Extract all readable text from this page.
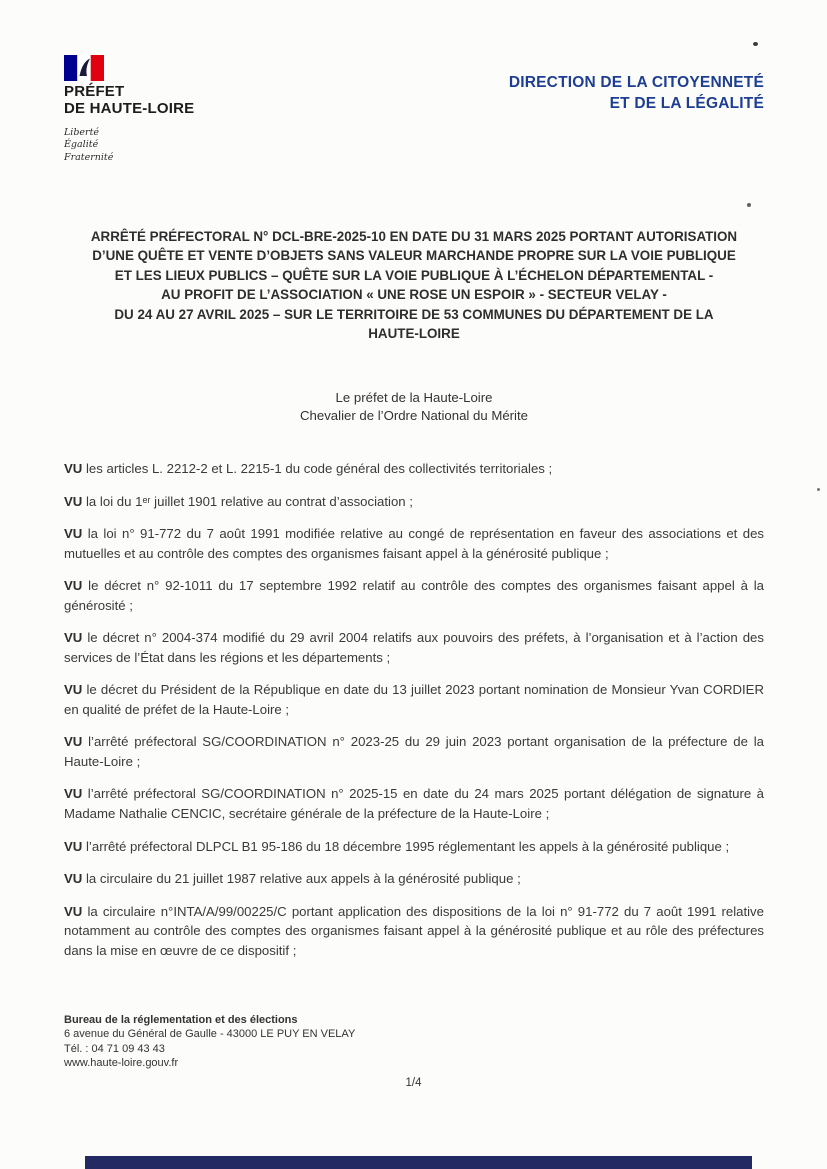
PRÉFET
DE HAUTE-LOIRE
Liberté
Égalité
Fraternité
DIRECTION DE LA CITOYENNETÉ
ET DE LA LÉGALITÉ
ARRÊTÉ PRÉFECTORAL N° DCL-BRE-2025-10 EN DATE DU 31 MARS 2025 PORTANT AUTORISATION
D’UNE QUÊTE ET VENTE D’OBJETS SANS VALEUR MARCHANDE PROPRE SUR LA VOIE PUBLIQUE
ET LES LIEUX PUBLICS – QUÊTE SUR LA VOIE PUBLIQUE À L’ÉCHELON DÉPARTEMENTAL -
AU PROFIT DE L’ASSOCIATION « UNE ROSE UN ESPOIR » - SECTEUR VELAY -
DU 24 AU 27 AVRIL 2025 – SUR LE TERRITOIRE DE 53 COMMUNES DU DÉPARTEMENT DE LA
HAUTE-LOIRE
Le préfet de la Haute-Loire
Chevalier de l’Ordre National du Mérite

VU les articles L. 2212-2 et L. 2215-1 du code général des collectivités territoriales ;

VU la loi du 1ᵉʳ juillet 1901 relative au contrat d’association ;

VU la loi n° 91-772 du 7 août 1991 modifiée relative au congé de représentation en faveur des associations et des mutuelles et au contrôle des comptes des organismes faisant appel à la générosité publique ;

VU le décret n° 92-1011 du 17 septembre 1992 relatif au contrôle des comptes des organismes faisant appel à la générosité ;

VU le décret n° 2004-374 modifié du 29 avril 2004 relatifs aux pouvoirs des préfets, à l’organisation et à l’action des services de l’État dans les régions et les départements ;

VU le décret du Président de la République en date du 13 juillet 2023 portant nomination de Monsieur Yvan CORDIER en qualité de préfet de la Haute-Loire ;

VU l’arrêté préfectoral SG/COORDINATION n° 2023-25 du 29 juin 2023 portant organisation de la préfecture de la Haute-Loire ;

VU l’arrêté préfectoral SG/COORDINATION n° 2025-15 en date du 24 mars 2025 portant délégation de signature à Madame Nathalie CENCIC, secrétaire générale de la préfecture de la Haute-Loire ;

VU l’arrêté préfectoral DLPCL B1 95-186 du 18 décembre 1995 réglementant les appels à la générosité publique ;

VU la circulaire du 21 juillet 1987 relative aux appels à la générosité publique ;

VU la circulaire n°INTA/A/99/00225/C portant application des dispositions de la loi n° 91-772 du 7 août 1991 relative notamment au contrôle des comptes des organismes faisant appel à la générosité publique et au rôle des préfectures dans la mise en œuvre de ce dispositif ;

Bureau de la réglementation et des élections
6 avenue du Général de Gaulle - 43000 LE PUY EN VELAY
Tél. : 04 71 09 43 43
www.haute-loire.gouv.fr
1/4
